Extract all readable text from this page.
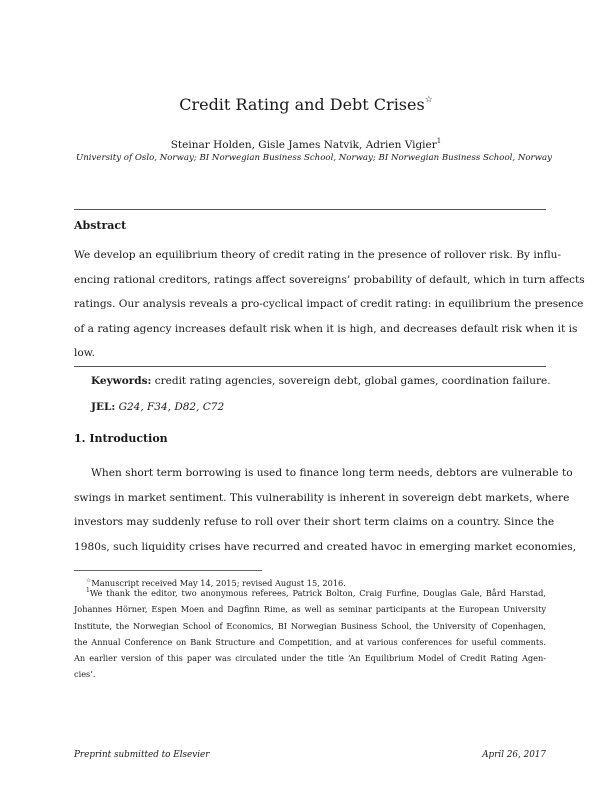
Credit Rating and Debt Crises☆
Steinar Holden, Gisle James Natvik, Adrien Vigier$^1$
University of Oslo, Norway; BI Norwegian Business School, Norway; BI Norwegian Business School, Norway
Abstract
We develop an equilibrium theory of credit rating in the presence of rollover risk. By influ-
encing rational creditors, ratings affect sovereigns’ probability of default, which in turn affects
ratings. Our analysis reveals a pro-cyclical impact of credit rating: in equilibrium the presence
of a rating agency increases default risk when it is high, and decreases default risk when it is
low.
Keywords: credit rating agencies, sovereign debt, global games, coordination failure.
JEL: G24, F34, D82, C72
1. Introduction
When short term borrowing is used to finance long term needs, debtors are vulnerable to
swings in market sentiment. This vulnerability is inherent in sovereign debt markets, where
investors may suddenly refuse to roll over their short term claims on a country. Since the
1980s, such liquidity crises have recurred and created havoc in emerging market economies,
☆Manuscript received May 14, 2015; revised August 15, 2016.
$^1$We thank the editor, two anonymous referees, Patrick Bolton, Craig Furfine, Douglas Gale, Bård Harstad,
Johannes Hörner, Espen Moen and Dagfinn Rime, as well as seminar participants at the European University
Institute, the Norwegian School of Economics, BI Norwegian Business School, the University of Copenhagen,
the Annual Conference on Bank Structure and Competition, and at various conferences for useful comments.
An earlier version of this paper was circulated under the title ‘An Equilibrium Model of Credit Rating Agen-
cies’.
Preprint submitted to Elsevier	April 26, 2017
